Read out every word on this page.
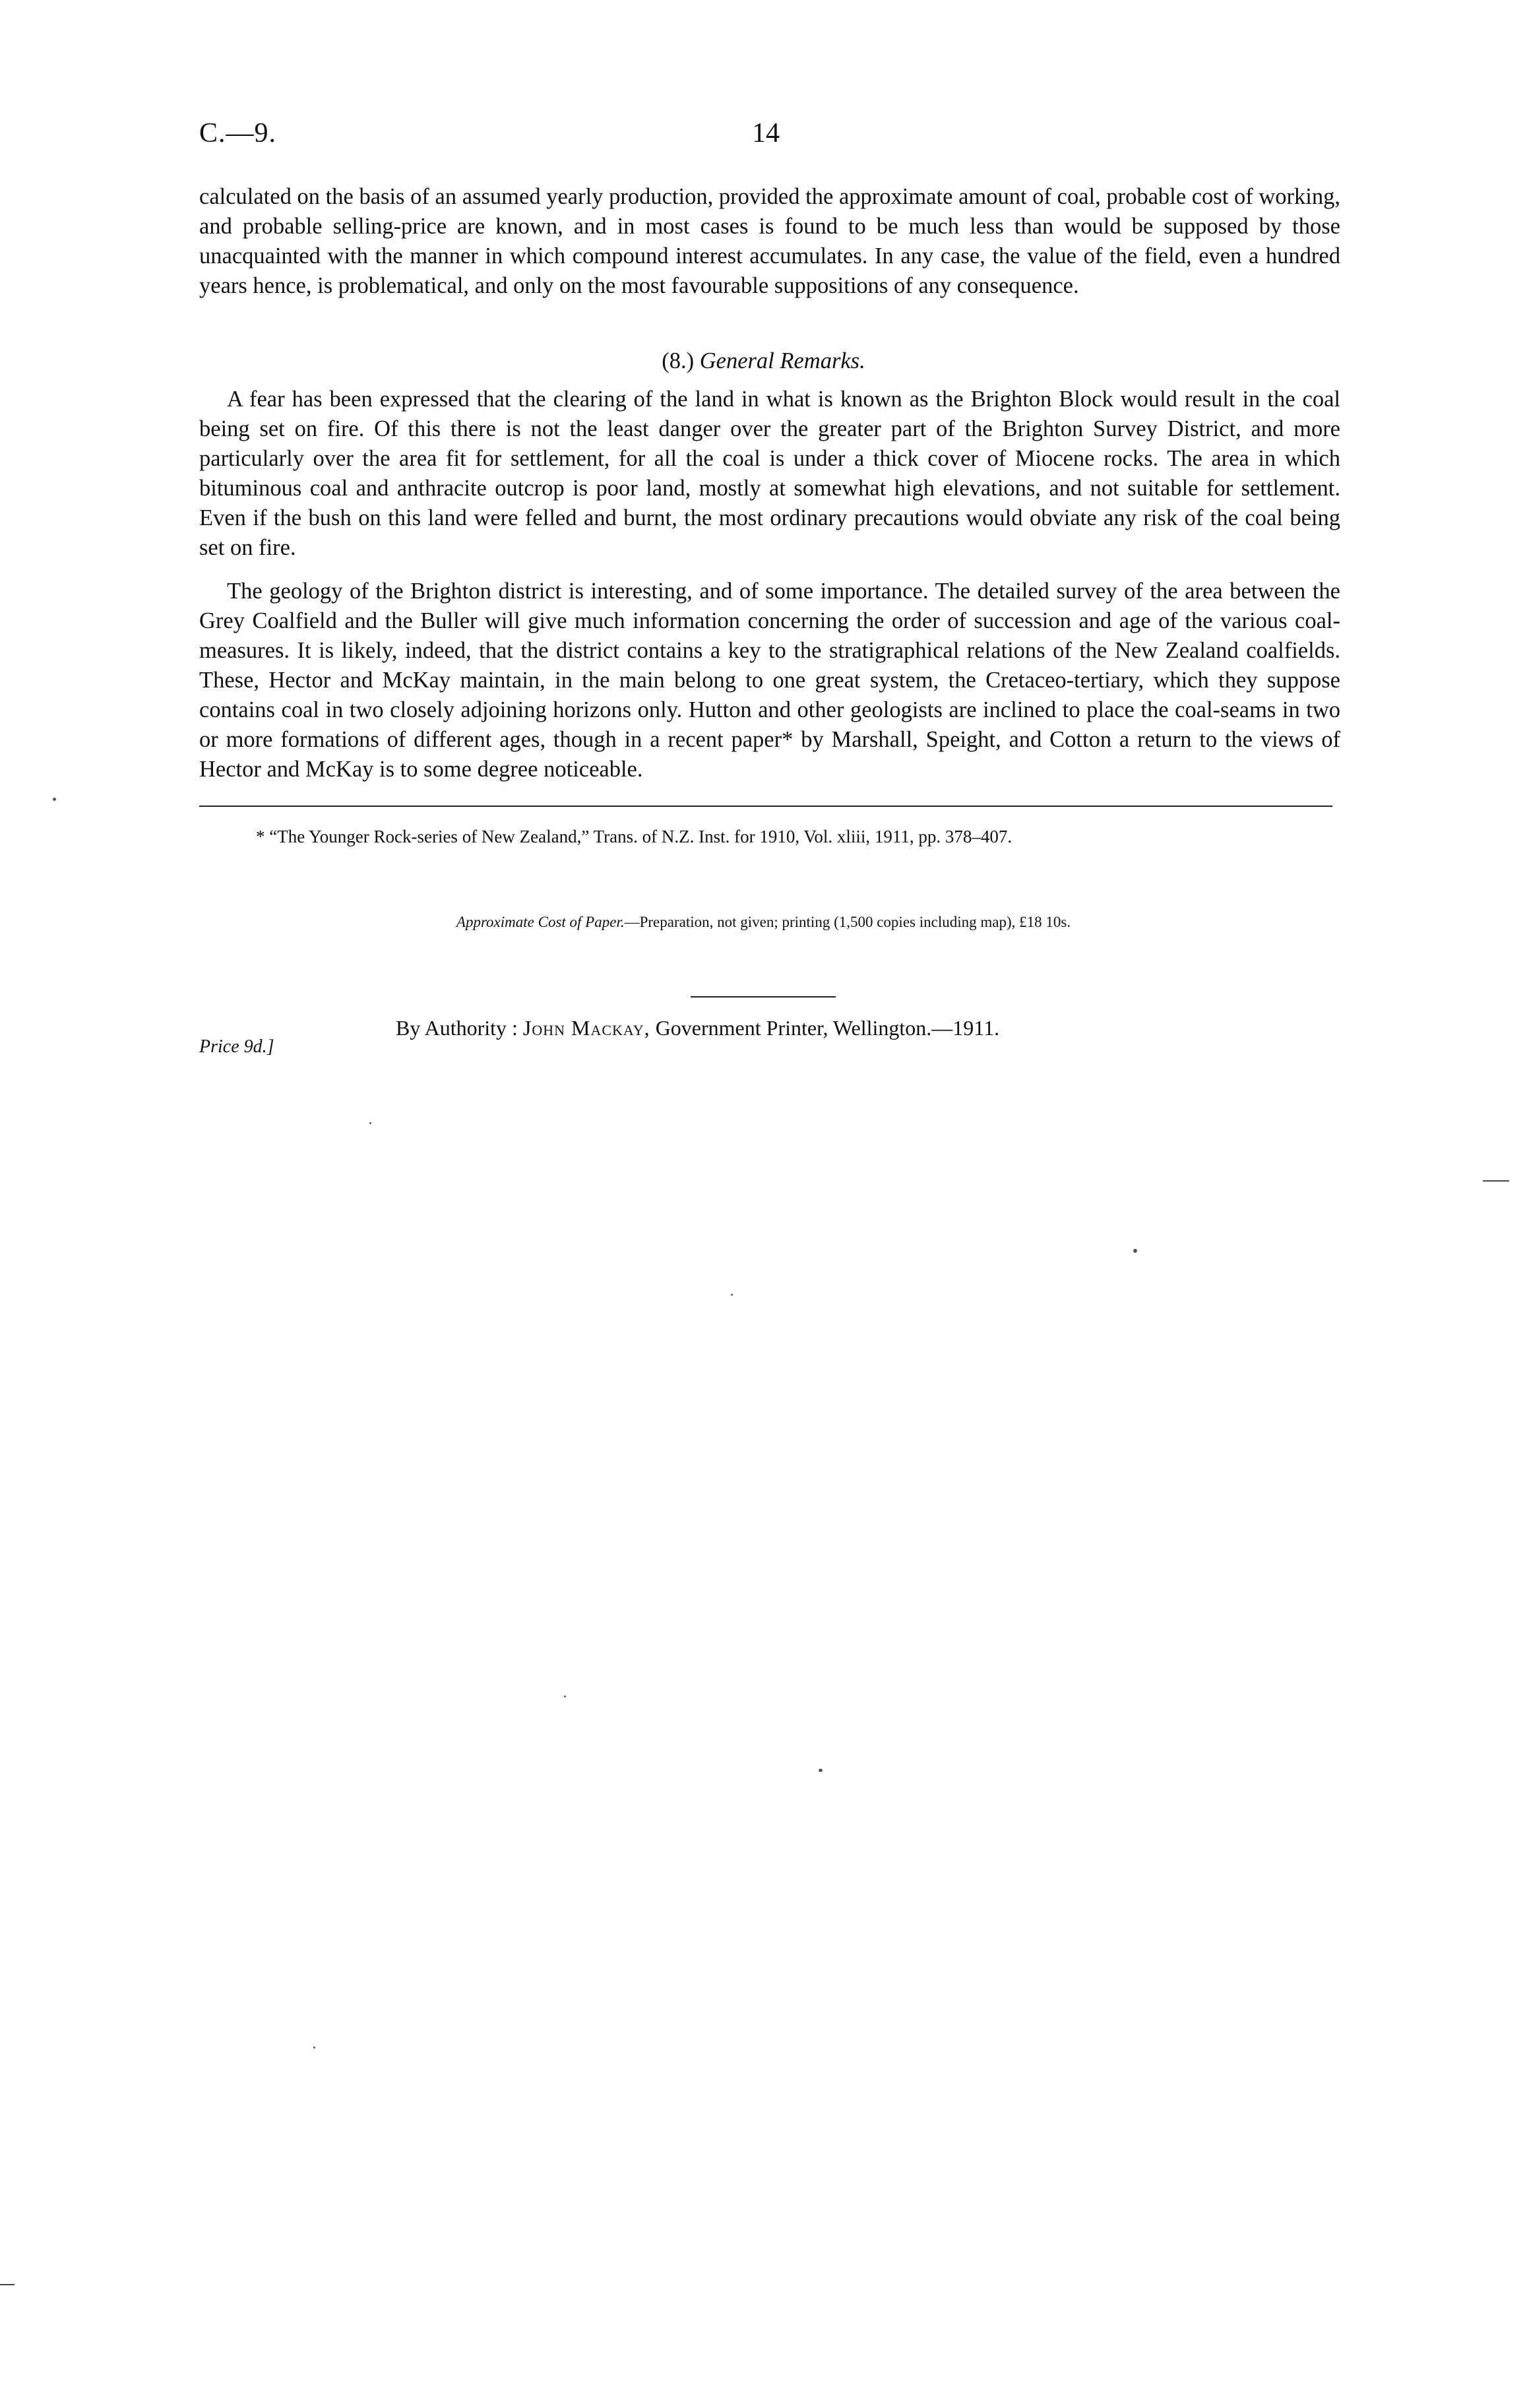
C.—9.	14

calculated on the basis of an assumed yearly production, provided the approximate amount of coal, probable cost of working, and probable selling-price are known, and in most cases is found to be much less than would be supposed by those unacquainted with the manner in which compound interest accumulates. In any case, the value of the field, even a hundred years hence, is problematical, and only on the most favourable suppositions of any consequence.

(8.) General Remarks.

A fear has been expressed that the clearing of the land in what is known as the Brighton Block would result in the coal being set on fire. Of this there is not the least danger over the greater part of the Brighton Survey District, and more particularly over the area fit for settlement, for all the coal is under a thick cover of Miocene rocks. The area in which bituminous coal and anthracite outcrop is poor land, mostly at somewhat high elevations, and not suitable for settlement. Even if the bush on this land were felled and burnt, the most ordinary precautions would obviate any risk of the coal being set on fire.

The geology of the Brighton district is interesting, and of some importance. The detailed survey of the area between the Grey Coalfield and the Buller will give much information concerning the order of succession and age of the various coal-measures. It is likely, indeed, that the district contains a key to the stratigraphical relations of the New Zealand coalfields. These, Hector and McKay maintain, in the main belong to one great system, the Cretaceo-tertiary, which they suppose contains coal in two closely adjoining horizons only. Hutton and other geologists are inclined to place the coal-seams in two or more formations of different ages, though in a recent paper* by Marshall, Speight, and Cotton a return to the views of Hector and McKay is to some degree noticeable.

* “The Younger Rock-series of New Zealand,” Trans. of N.Z. Inst. for 1910, Vol. xliii, 1911, pp. 378–407.

Approximate Cost of Paper.—Preparation, not given; printing (1,500 copies including map), £18 10s.

By Authority : John Mackay, Government Printer, Wellington.—1911.

Price 9d.]
